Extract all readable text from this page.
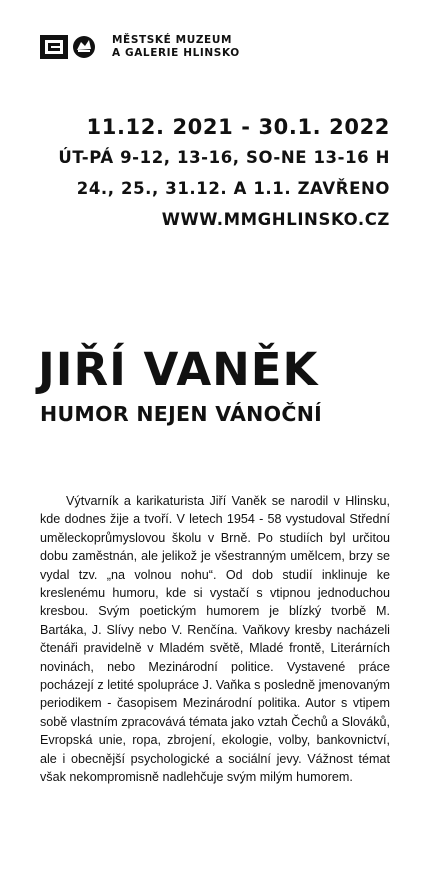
MĚSTSKÉ MUZEUM
A GALERIE HLINSKO
11.12. 2021 - 30.1. 2022
ÚT-PÁ 9-12, 13-16, SO-NE 13-16 H
24., 25., 31.12. A 1.1. ZAVŘENO
WWW.MMGHLINSKO.CZ
JIŘÍ VANĚK
HUMOR NEJEN VÁNOČNÍ

Výtvarník a karikaturista Jiří Vaněk se narodil v Hlinsku, kde dodnes žije a tvoří. V letech 1954 - 58 vystudoval Střední uměleckoprůmyslovou školu v Brně. Po studiích byl určitou dobu zaměstnán, ale jelikož je všestranným umělcem, brzy se vydal tzv. „na volnou nohu“. Od dob studií inklinuje ke kreslenému humoru, kde si vystačí s vtipnou jednoduchou kresbou. Svým poetickým humorem je blízký tvorbě M. Bartáka, J. Slívy nebo V. Renčína. Vaňkovy kresby nacházeli čtenáři pravidelně v Mladém světě, Mladé frontě, Literárních novinách, nebo Mezinárodní politice. Vystavené práce pocházejí z letité spolupráce J. Vaňka s posledně jmenovaným periodikem - časopisem Mezinárodní politika. Autor s vtipem sobě vlastním zpracovává témata jako vztah Čechů a Slováků, Evropská unie, ropa, zbrojení, ekologie, volby, bankovnictví, ale i obecnější psychologické a sociální jevy. Vážnost témat však nekompromisně nadlehčuje svým milým humorem.
